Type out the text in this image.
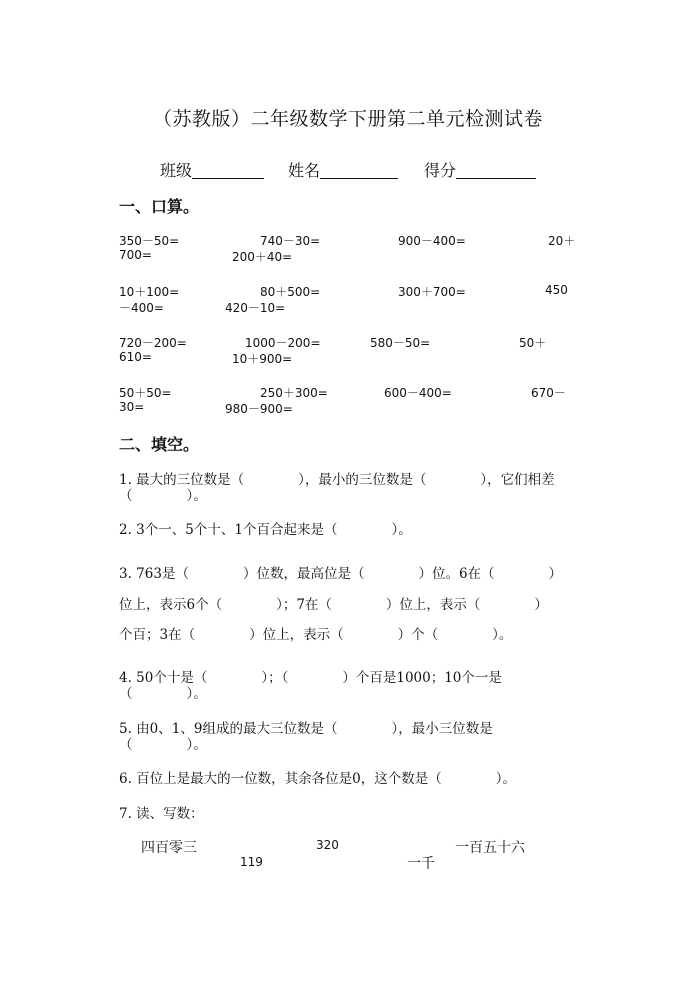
（苏教版）二年级数学下册第二单元检测试卷
班级	姓名	得分
一、口算。
350－50=	740－30=	900－400=	20＋
700=	200＋40=
10＋100=	80＋500=	300＋700=	450
－400=	420－10=
720－200=	1000－200=	580－50=	50＋
610=	10＋900=
50＋50=	250＋300=	600－400=	670－
30=	980－900=
二、填空。
1. 最大的三位数是（　　　　），最小的三位数是（　　　　），它们相差
（　　　　）。
2. 3个一、5个十、1个百合起来是（　　　　）。
3. 763是（　　　　）位数，最高位是（　　　　）位。6在（　　　　）
位上，表示6个（　　　　）；7在（　　　　）位上，表示（　　　　）
个百；3在（　　　　）位上，表示（　　　　）个（　　　　）。
4. 50个十是（　　　　）；（　　　　）个百是1000；10个一是
（　　　　）。
5. 由0、1、9组成的最大三位数是（　　　　），最小三位数是
（　　　　）。
6. 百位上是最大的一位数，其余各位是0，这个数是（　　　　）。
7. 读、写数：
四百零三	320	一百五十六
119	一千
